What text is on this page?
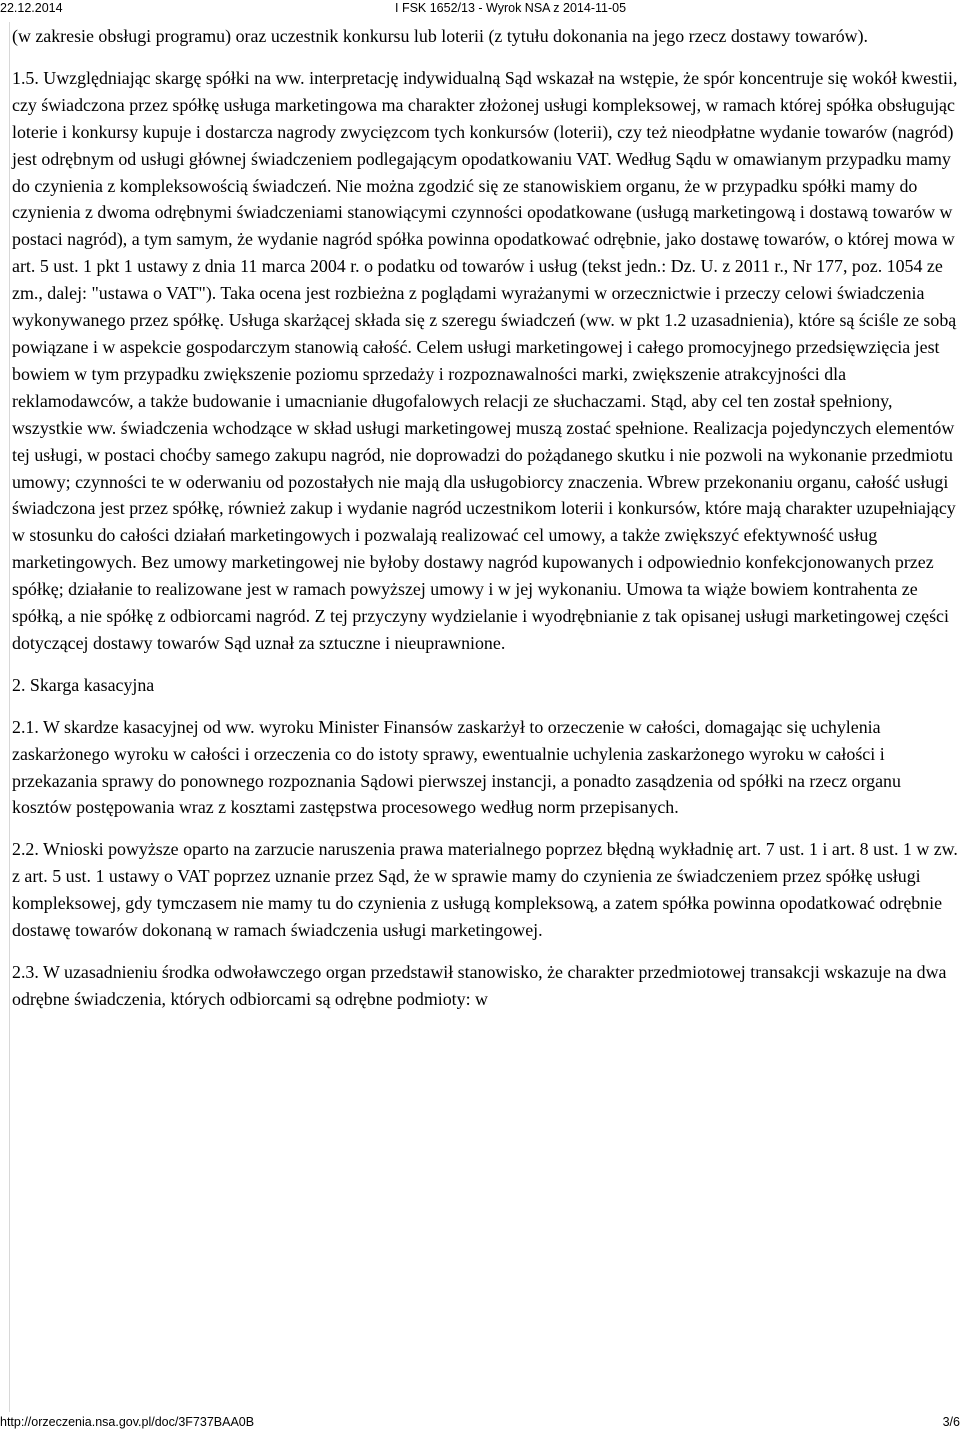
22.12.2014	I FSK 1652/13 - Wyrok NSA z 2014-11-05

(w zakresie obsługi programu) oraz uczestnik konkursu lub loterii (z tytułu dokonania na jego rzecz dostawy towarów).

1.5. Uwzględniając skargę spółki na ww. interpretację indywidualną Sąd wskazał na wstępie, że spór koncentruje się wokół kwestii, czy świadczona przez spółkę usługa marketingowa ma charakter złożonej usługi kompleksowej, w ramach której spółka obsługując loterie i konkursy kupuje i dostarcza nagrody zwycięzcom tych konkursów (loterii), czy też nieodpłatne wydanie towarów (nagród) jest odrębnym od usługi głównej świadczeniem podlegającym opodatkowaniu VAT. Według Sądu w omawianym przypadku mamy do czynienia z kompleksowością świadczeń. Nie można zgodzić się ze stanowiskiem organu, że w przypadku spółki mamy do czynienia z dwoma odrębnymi świadczeniami stanowiącymi czynności opodatkowane (usługą marketingową i dostawą towarów w postaci nagród), a tym samym, że wydanie nagród spółka powinna opodatkować odrębnie, jako dostawę towarów, o której mowa w art. 5 ust. 1 pkt 1 ustawy z dnia 11 marca 2004 r. o podatku od towarów i usług (tekst jedn.: Dz. U. z 2011 r., Nr 177, poz. 1054 ze zm., dalej: "ustawa o VAT"). Taka ocena jest rozbieżna z poglądami wyrażanymi w orzecznictwie i przeczy celowi świadczenia wykonywanego przez spółkę. Usługa skarżącej składa się z szeregu świadczeń (ww. w pkt 1.2 uzasadnienia), które są ściśle ze sobą powiązane i w aspekcie gospodarczym stanowią całość. Celem usługi marketingowej i całego promocyjnego przedsięwzięcia jest bowiem w tym przypadku zwiększenie poziomu sprzedaży i rozpoznawalności marki, zwiększenie atrakcyjności dla reklamodawców, a także budowanie i umacnianie długofalowych relacji ze słuchaczami. Stąd, aby cel ten został spełniony, wszystkie ww. świadczenia wchodzące w skład usługi marketingowej muszą zostać spełnione. Realizacja pojedynczych elementów tej usługi, w postaci choćby samego zakupu nagród, nie doprowadzi do pożądanego skutku i nie pozwoli na wykonanie przedmiotu umowy; czynności te w oderwaniu od pozostałych nie mają dla usługobiorcy znaczenia. Wbrew przekonaniu organu, całość usługi świadczona jest przez spółkę, również zakup i wydanie nagród uczestnikom loterii i konkursów, które mają charakter uzupełniający w stosunku do całości działań marketingowych i pozwalają realizować cel umowy, a także zwiększyć efektywność usług marketingowych. Bez umowy marketingowej nie byłoby dostawy nagród kupowanych i odpowiednio konfekcjonowanych przez spółkę; działanie to realizowane jest w ramach powyższej umowy i w jej wykonaniu. Umowa ta wiąże bowiem kontrahenta ze spółką, a nie spółkę z odbiorcami nagród. Z tej przyczyny wydzielanie i wyodrębnianie z tak opisanej usługi marketingowej części dotyczącej dostawy towarów Sąd uznał za sztuczne i nieuprawnione.

2. Skarga kasacyjna

2.1. W skardze kasacyjnej od ww. wyroku Minister Finansów zaskarżył to orzeczenie w całości, domagając się uchylenia zaskarżonego wyroku w całości i orzeczenia co do istoty sprawy, ewentualnie uchylenia zaskarżonego wyroku w całości i przekazania sprawy do ponownego rozpoznania Sądowi pierwszej instancji, a ponadto zasądzenia od spółki na rzecz organu kosztów postępowania wraz z kosztami zastępstwa procesowego według norm przepisanych.

2.2. Wnioski powyższe oparto na zarzucie naruszenia prawa materialnego poprzez błędną wykładnię art. 7 ust. 1 i art. 8 ust. 1 w zw. z art. 5 ust. 1 ustawy o VAT poprzez uznanie przez Sąd, że w sprawie mamy do czynienia ze świadczeniem przez spółkę usługi kompleksowej, gdy tymczasem nie mamy tu do czynienia z usługą kompleksową, a zatem spółka powinna opodatkować odrębnie dostawę towarów dokonaną w ramach świadczenia usługi marketingowej.

2.3. W uzasadnieniu środka odwoławczego organ przedstawił stanowisko, że charakter przedmiotowej transakcji wskazuje na dwa odrębne świadczenia, których odbiorcami są odrębne podmioty: w

http://orzeczenia.nsa.gov.pl/doc/3F737BAA0B	3/6
